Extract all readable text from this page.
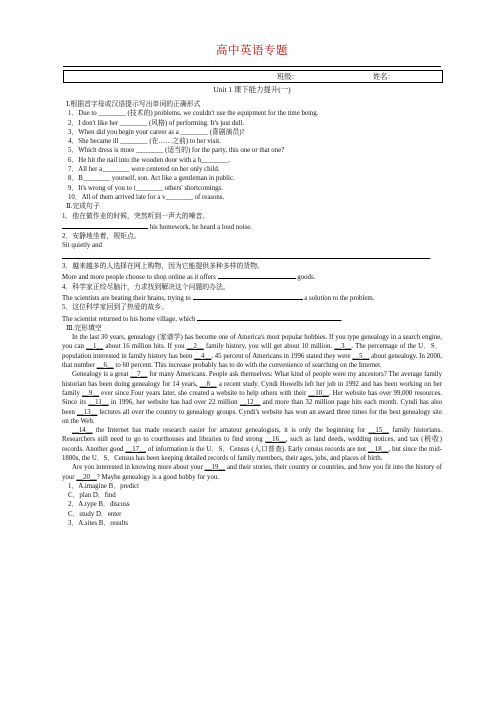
高中英语专题
班级：	姓名：
Unit 1 课下能力提升(一)

Ⅰ.根据首字母或汉语提示写出单词的正确形式

1．Due to ________ (技术的) problems, we couldn't use the equipment for the time being.

2．I don't like her ________ (风格) of performing. It's just dull.

3．When did you begin your career as a ________ (喜剧演员)?

4．She became ill ________ (在……之前) to her visit.

5．Which dress is more ________ (适当的) for the party, this one or that one?

6．He hit the nail into the wooden door with a h________.

7．All her a________ were centered on her only child.

8．B________ yourself, son. Act like a gentleman in public.

9．It's wrong of you to t________ others' shortcomings.

10．All of them arrived late for a v________ of reasons.

Ⅱ.完成句子

1．他在做作业的时候，突然听到一声大的噪音。

his homework, he heard a loud noise.

2．安静地坐着，规矩点。

Sit quietly and

.

3．越来越多的人选择在网上购物，因为它能提供多种多样的货物。

More and more people choose to shop online as it offers	goods.

4．科学家正绞尽脑汁，力求找到解决这个问题的办法。

The scientists are beating their brains, trying to	a solution to the problem.

5．这位科学家回到了热爱的故乡。

The scientist returned to his home village, which	.

Ⅲ.完形填空

In the last 30 years, genealogy (家谱学) has become one of America's most popular hobbies. If you type genealogy in a search engine, you can __1__ about 16 million hits. If you __2__ family history, you will get about 10 million. __3__. The percentage of the U．S．population interested in family history has been __4__. 45 percent of Americans in 1996 stated they were __5__ about genealogy. In 2000, that number __6__ to 60 percent. This increase probably has to do with the convenience of searching on the Internet.

Genealogy is a great __7__ for many Americans. People ask themselves: What kind of people were my ancestors? The average family historian has been doing genealogy for 14 years, __8__ a recent study. Cyndi Howells left her job in 1992 and has been working on her family __9__ ever since.Four years later, she created a website to help others with their __10__. Her website has over 99,000 resources. Since its __11__ in 1996, her website has had over 22 million __12__ and more than 32 million page hits each month. Cyndi has also been __13__ lectures all over the country to genealogy groups. Cyndi's website has won an award three times for the best genealogy site on the Web.

__14__ the Internet has made research easier for amateur genealogists, it is only the beginning for __15__ family historians. Researchers still need to go to courthouses and libraries to find strong __16__, such as land deeds, wedding notices, and tax (税收) records. Another good __17__ of information is the U．S．Census (人口普查). Early census records are not __18__, but since the mid-1800s, the U．S．Census has been keeping detailed records of family members, their ages, jobs, and places of birth.

Are you interested in knowing more about your __19__ and their stories, their country or countries, and how you fit into the history of your __20__? Maybe genealogy is a good hobby for you.

1．A.imagine B．predict

C．plan D．find

2．A.type B．discuss

C．study D．enter

3．A.sites B．results
